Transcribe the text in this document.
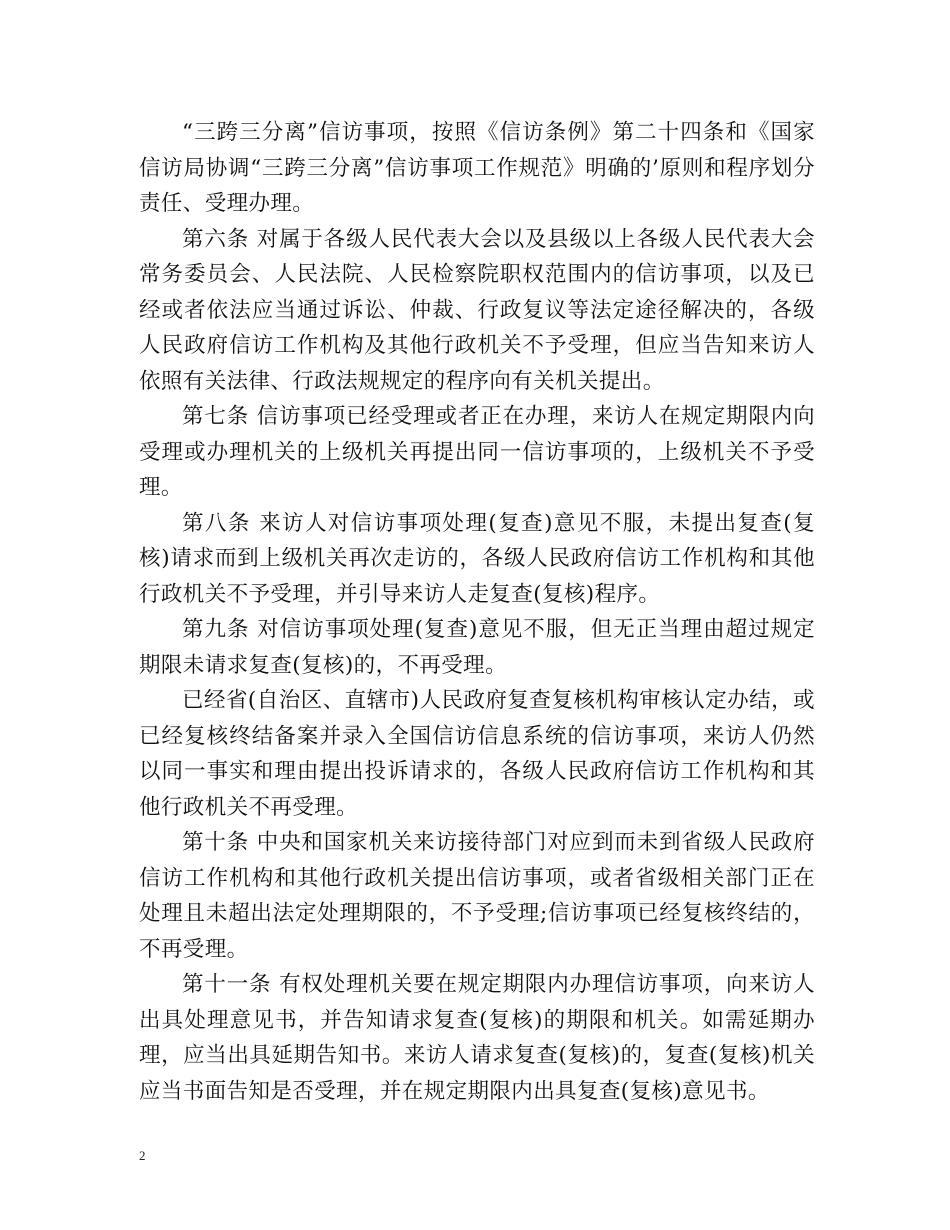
“三跨三分离”信访事项，按照《信访条例》第二十四条和《国家信访局协调“三跨三分离”信访事项工作规范》明确的’原则和程序划分责任、受理办理。

第六条 对属于各级人民代表大会以及县级以上各级人民代表大会常务委员会、人民法院、人民检察院职权范围内的信访事项，以及已经或者依法应当通过诉讼、仲裁、行政复议等法定途径解决的，各级人民政府信访工作机构及其他行政机关不予受理，但应当告知来访人依照有关法律、行政法规规定的程序向有关机关提出。

第七条 信访事项已经受理或者正在办理，来访人在规定期限内向受理或办理机关的上级机关再提出同一信访事项的，上级机关不予受理。

第八条 来访人对信访事项处理(复查)意见不服，未提出复查(复核)请求而到上级机关再次走访的，各级人民政府信访工作机构和其他行政机关不予受理，并引导来访人走复查(复核)程序。

第九条 对信访事项处理(复查)意见不服，但无正当理由超过规定期限未请求复查(复核)的，不再受理。

已经省(自治区、直辖市)人民政府复查复核机构审核认定办结，或已经复核终结备案并录入全国信访信息系统的信访事项，来访人仍然以同一事实和理由提出投诉请求的，各级人民政府信访工作机构和其他行政机关不再受理。

第十条 中央和国家机关来访接待部门对应到而未到省级人民政府信访工作机构和其他行政机关提出信访事项，或者省级相关部门正在处理且未超出法定处理期限的，不予受理;信访事项已经复核终结的，不再受理。

第十一条 有权处理机关要在规定期限内办理信访事项，向来访人出具处理意见书，并告知请求复查(复核)的期限和机关。如需延期办理，应当出具延期告知书。来访人请求复查(复核)的，复查(复核)机关应当书面告知是否受理，并在规定期限内出具复查(复核)意见书。

2
